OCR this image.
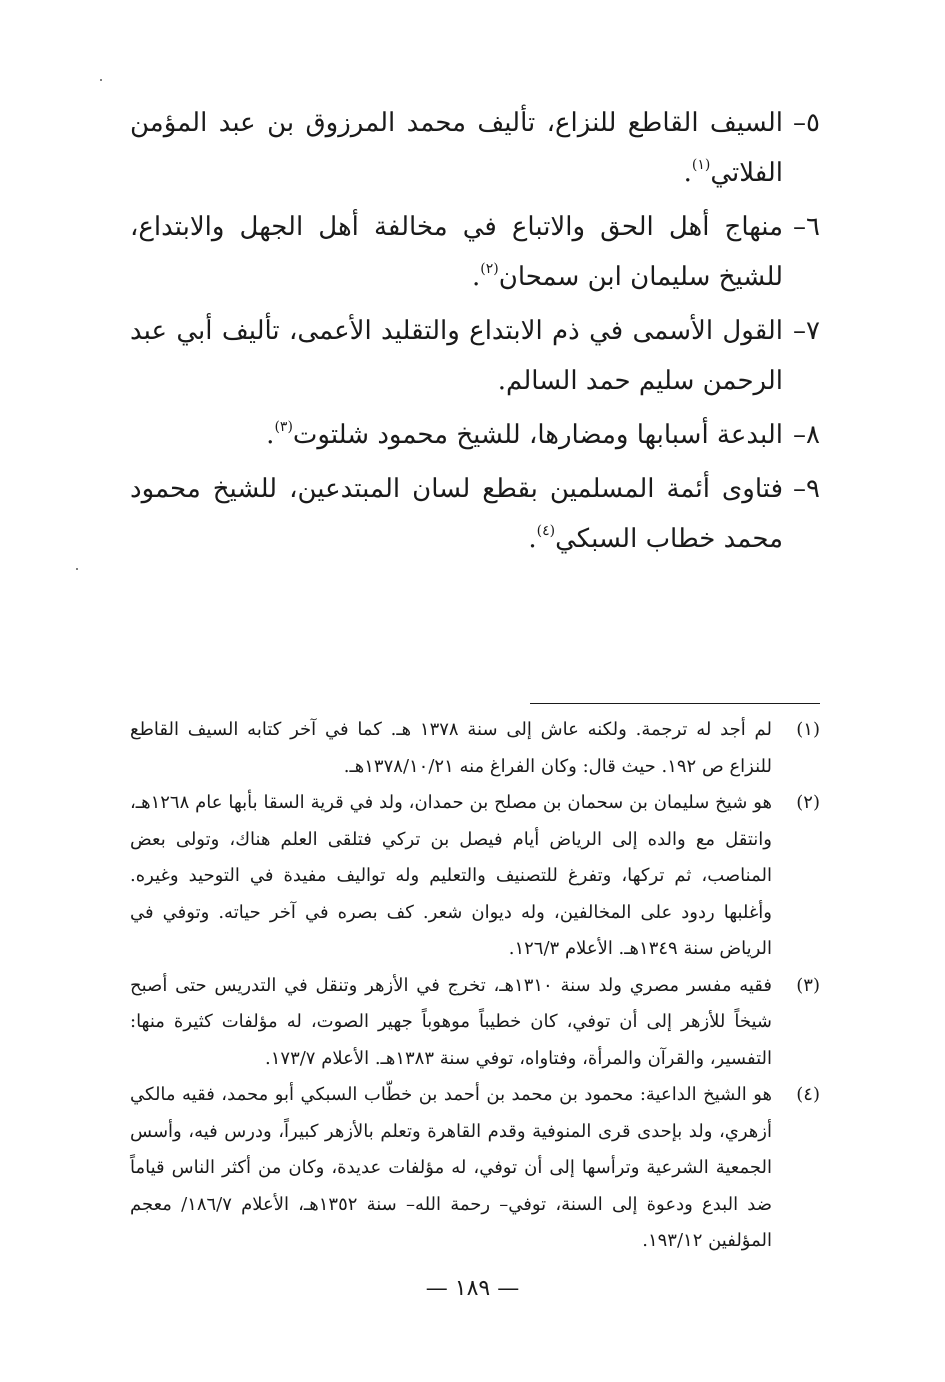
٥–
السيف القاطع للنزاع، تأليف محمد المرزوق بن عبد المؤمن الفلاتي$^{(١)}$.
٦–
منهاج أهل الحق والاتباع في مخالفة أهل الجهل والابتداع، للشيخ سليمان ابن سمحان$^{(٢)}$.
٧–
القول الأسمى في ذم الابتداع والتقليد الأعمى، تأليف أبي عبد الرحمن سليم حمد السالم.
٨–
البدعة أسبابها ومضارها، للشيخ محمود شلتوت$^{(٣)}$.
٩–
فتاوى أئمة المسلمين بقطع لسان المبتدعين، للشيخ محمود محمد خطاب السبكي$^{(٤)}$.
(١)
لم أجد له ترجمة. ولكنه عاش إلى سنة ١٣٧٨ هـ. كما في آخر كتابه السيف القاطع للنزاع ص ١٩٢. حيث قال: وكان الفراغ منه ١٣٧٨/١٠/٢١هـ.
(٢)
هو شيخ سليمان بن سحمان بن مصلح بن حمدان، ولد في قرية السقا بأبها عام ١٢٦٨هـ، وانتقل مع والده إلى الرياض أيام فيصل بن تركي فتلقى العلم هناك، وتولى بعض المناصب، ثم تركها، وتفرغ للتصنيف والتعليم وله تواليف مفيدة في التوحيد وغيره. وأغلبها ردود على المخالفين، وله ديوان شعر. كف بصره في آخر حياته. وتوفي في الرياض سنة ١٣٤٩هـ. الأعلام ١٢٦/٣.
(٣)
فقيه مفسر مصري ولد سنة ١٣١٠هـ، تخرج في الأزهر وتنقل في التدريس حتى أصبح شيخاً للأزهر إلى أن توفي، كان خطيباً موهوباً جهير الصوت، له مؤلفات كثيرة منها: التفسير، والقرآن والمرأة، وفتاواه، توفي سنة ١٣٨٣هـ. الأعلام ١٧٣/٧.
(٤)
هو الشيخ الداعية: محمود بن محمد بن أحمد بن خطّاب السبكي أبو محمد، فقيه مالكي أزهري، ولد بإحدى قرى المنوفية وقدم القاهرة وتعلم بالأزهر كبيراً، ودرس فيه، وأسس الجمعية الشرعية وترأسها إلى أن توفي، له مؤلفات عديدة، وكان من أكثر الناس قياماً ضد البدع ودعوة إلى السنة، توفي– رحمة الله– سنة ١٣٥٢هـ، الأعلام ١٨٦/٧/ معجم المؤلفين ١٩٣/١٢.
— ١٨٩ —
